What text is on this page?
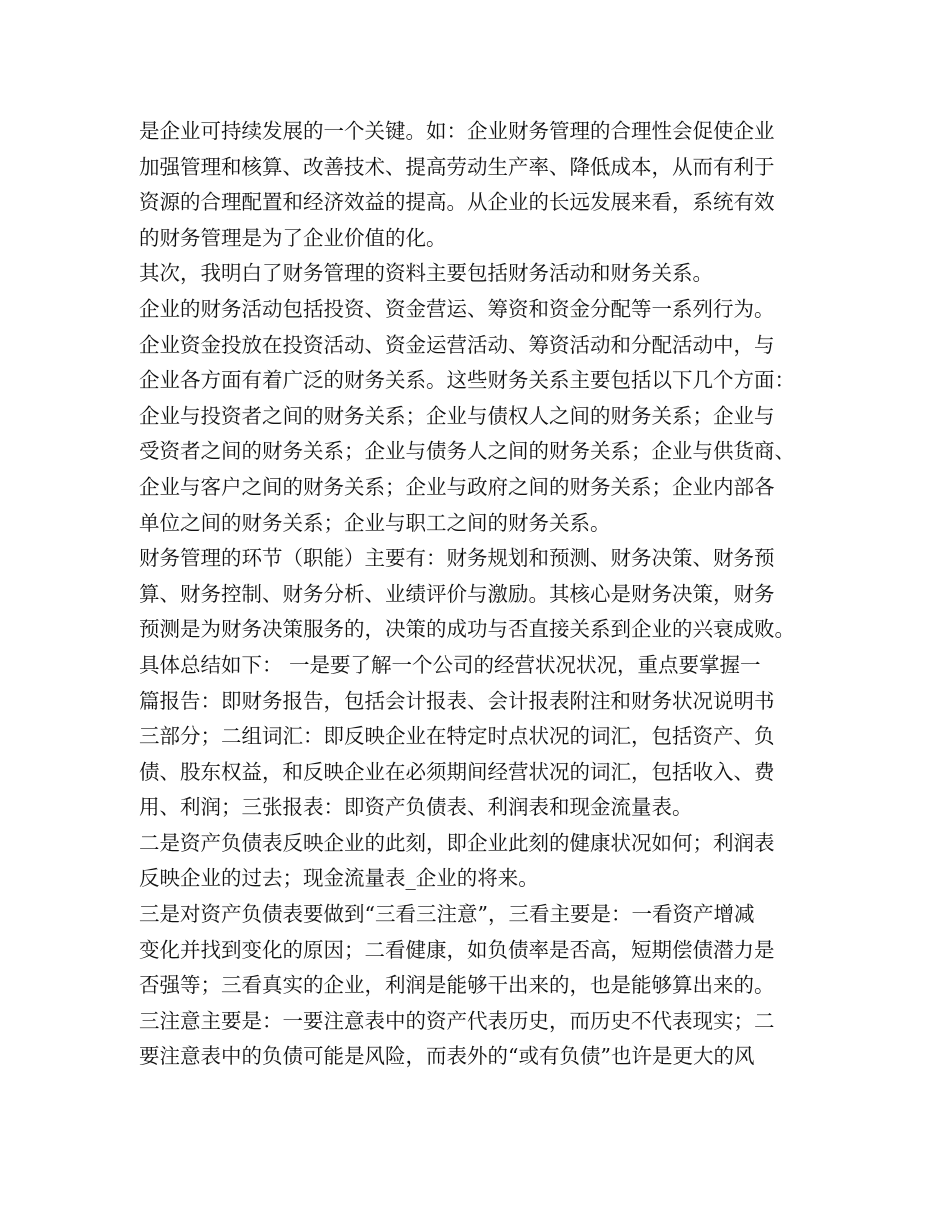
是企业可持续发展的一个关键。如：企业财务管理的合理性会促使企业
加强管理和核算、改善技术、提高劳动生产率、降低成本，从而有利于
资源的合理配置和经济效益的提高。从企业的长远发展来看，系统有效
的财务管理是为了企业价值的化。
其次，我明白了财务管理的资料主要包括财务活动和财务关系。
企业的财务活动包括投资、资金营运、筹资和资金分配等一系列行为。
企业资金投放在投资活动、资金运营活动、筹资活动和分配活动中，与
企业各方面有着广泛的财务关系。这些财务关系主要包括以下几个方面：
企业与投资者之间的财务关系；企业与债权人之间的财务关系；企业与
受资者之间的财务关系；企业与债务人之间的财务关系；企业与供货商、
企业与客户之间的财务关系；企业与政府之间的财务关系；企业内部各
单位之间的财务关系；企业与职工之间的财务关系。
财务管理的环节（职能）主要有：财务规划和预测、财务决策、财务预
算、财务控制、财务分析、业绩评价与激励。其核心是财务决策，财务
预测是为财务决策服务的，决策的成功与否直接关系到企业的兴衰成败。
具体总结如下： 一是要了解一个公司的经营状况状况，重点要掌握一
篇报告：即财务报告，包括会计报表、会计报表附注和财务状况说明书
三部分；二组词汇：即反映企业在特定时点状况的词汇，包括资产、负
债、股东权益，和反映企业在必须期间经营状况的词汇，包括收入、费
用、利润；三张报表：即资产负债表、利润表和现金流量表。
二是资产负债表反映企业的此刻，即企业此刻的健康状况如何；利润表
反映企业的过去；现金流量表_企业的将来。
三是对资产负债表要做到“三看三注意”，三看主要是：一看资产增减
变化并找到变化的原因；二看健康，如负债率是否高，短期偿债潜力是
否强等；三看真实的企业，利润是能够干出来的，也是能够算出来的。
三注意主要是：一要注意表中的资产代表历史，而历史不代表现实；二
要注意表中的负债可能是风险，而表外的“或有负债”也许是更大的风
